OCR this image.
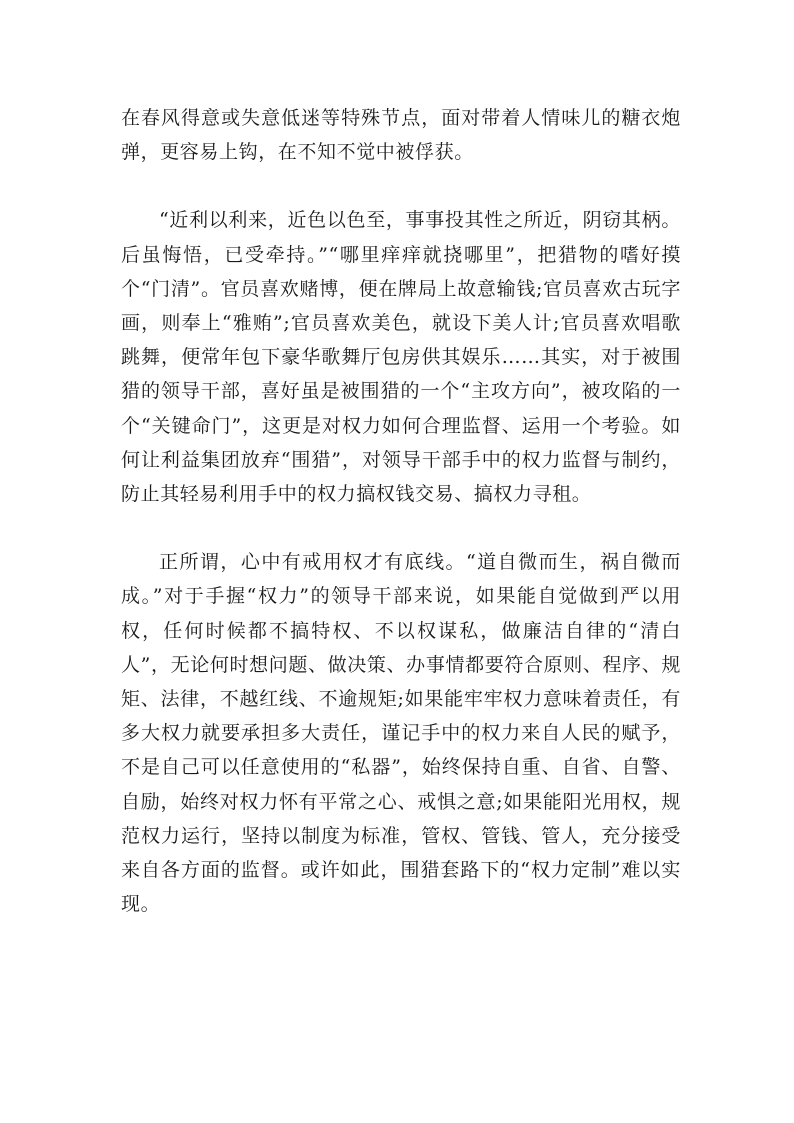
在春风得意或失意低迷等特殊节点，面对带着人情味儿的糖衣炮弹，更容易上钩，在不知不觉中被俘获。

“近利以利来，近色以色至，事事投其性之所近，阴窃其柄。后虽悔悟，已受牵持。”“哪里痒痒就挠哪里”，把猎物的嗜好摸个“门清”。官员喜欢赌博，便在牌局上故意输钱;官员喜欢古玩字画，则奉上“雅贿”;官员喜欢美色，就设下美人计;官员喜欢唱歌跳舞，便常年包下豪华歌舞厅包房供其娱乐……其实，对于被围猎的领导干部，喜好虽是被围猎的一个“主攻方向”，被攻陷的一个“关键命门”，这更是对权力如何合理监督、运用一个考验。如何让利益集团放弃“围猎”，对领导干部手中的权力监督与制约，防止其轻易利用手中的权力搞权钱交易、搞权力寻租。

正所谓，心中有戒用权才有底线。“道自微而生，祸自微而成。”对于手握“权力”的领导干部来说，如果能自觉做到严以用权，任何时候都不搞特权、不以权谋私，做廉洁自律的“清白人”，无论何时想问题、做决策、办事情都要符合原则、程序、规矩、法律，不越红线、不逾规矩;如果能牢牢权力意味着责任，有多大权力就要承担多大责任，谨记手中的权力来自人民的赋予，不是自己可以任意使用的“私器”，始终保持自重、自省、自警、自励，始终对权力怀有平常之心、戒惧之意;如果能阳光用权，规范权力运行，坚持以制度为标准，管权、管钱、管人，充分接受来自各方面的监督。或许如此，围猎套路下的“权力定制”难以实现。
